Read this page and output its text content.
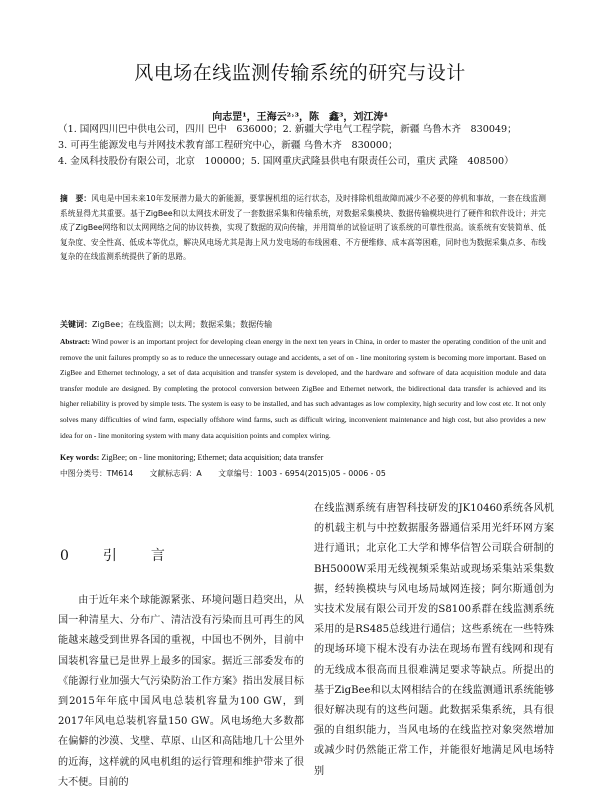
风电场在线监测传输系统的研究与设计
向志罡¹，王海云²˒³，陈　鑫³，刘江涛⁴
（1. 国网四川巴中供电公司，四川 巴中　636000；2. 新疆大学电气工程学院，新疆 乌鲁木齐　830049；
3. 可再生能源发电与并网技术教育部工程研究中心，新疆 乌鲁木齐　830000；
4. 金凤科技股份有限公司，北京　100000；5. 国网重庆武隆县供电有限责任公司，重庆 武隆　408500）
摘　要：风电是中国未来10年发展潜力最大的新能源，要掌握机组的运行状态，及时排除机组故障而减少不必要的停机和事故，一套在线监测系统显得尤其重要。基于ZigBee和以太网技术研发了一套数据采集和传输系统，对数据采集模块、数据传输模块进行了硬件和软件设计；并完成了ZigBee网络和以太网网络之间的协议转换，实现了数据的双向传输，并用简单的试验证明了该系统的可靠性很高。该系统有安装简单、低复杂度、安全性高、低成本等优点，解决风电场尤其是海上风力发电场的布线困难、不方便维修、成本高等困难，同时也为数据采集点多、布线复杂的在线监测系统提供了新的思路。
关键词：ZigBee；在线监测；以太网；数据采集；数据传输
Abstract: Wind power is an important project for developing clean energy in the next ten years in China, in order to master the operating condition of the unit and remove the unit failures promptly so as to reduce the unnecessary outage and accidents, a set of on - line monitoring system is becoming more important. Based on ZigBee and Ethernet technology, a set of data acquisition and transfer system is developed, and the hardware and software of data acquisition module and data transfer module are designed. By completing the protocol conversion between ZigBee and Ethernet network, the bidirectional data transfer is achieved and its higher reliability is proved by simple tests. The system is easy to be installed, and has such advantages as low complexity, high security and low cost etc. It not only solves many difficulties of wind farm, especially offshore wind farms, such as difficult wiring, inconvenient maintenance and high cost, but also provides a new idea for on - line monitoring system with many data acquisition points and complex wiring.
Key words: ZigBee; on - line monitoring; Ethernet; data acquisition; data transfer
中图分类号：TM614 文献标志码：A 文章编号：1003 - 6954(2015)05 - 0006 - 05
0　引　言

由于近年来个球能源紧张、环境问题日趋突出，从国一种清星大、分布广、清洁没有污染而且可再生的风能越来越受到世界各国的重视，中国也不例外，目前中国装机容量已是世界上最多的国家。据近三部委发布的《能源行业加强大气污染防治工作方案》指出发展目标到2015年年底中国风电总装机容量为100 GW，到2017年风电总装机容量150 GW。风电场绝大多数都在偏僻的沙漠、戈壁、草原、山区和高陆地几十公里外的近海，这样就的风电机组的运行管理和维护带来了很大不便。目前的

在线监测系统有唐智科技研发的JK10460系统各风机的机载主机与中控数据服务器通信采用光纤环网方案进行通讯；北京化工大学和博华信智公司联合研制的BH5000W采用无线视频采集站或现场采集站采集数据，经转换模块与风电场局域网连接；阿尔斯通创为实技术发展有限公司开发的S8100系群在线监测系统采用的是RS485总线进行通信；这些系统在一些特殊的现场环境下棍木没有办法在现场布置有线网和现有的无线成本很高而且很难满足要求等缺点。所提出的基于ZigBee和以太网相结合的在线监测通讯系统能够很好解决现有的这些问题。此数据采集系统，具有很强的自组织能力，当风电场的在线监控对象突然增加或减少时仍然能正常工作，并能很好地满足风电场特别
